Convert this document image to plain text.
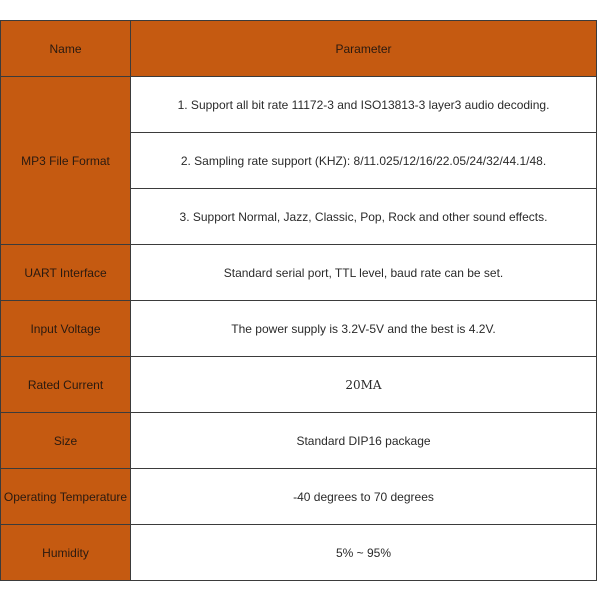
Name	Parameter
MP3 File Format	1. Support all bit rate 11172-3 and ISO13813-3 layer3 audio decoding.
	2. Sampling rate support (KHZ): 8/11.025/12/16/22.05/24/32/44.1/48.
	3. Support Normal, Jazz, Classic, Pop, Rock and other sound effects.
UART Interface	Standard serial port, TTL level, baud rate can be set.
Input Voltage	The power supply is 3.2V-5V and the best is 4.2V.
Rated Current	20MA
Size	Standard DIP16 package
Operating Temperature	-40 degrees to 70 degrees
Humidity	5% ~ 95%
